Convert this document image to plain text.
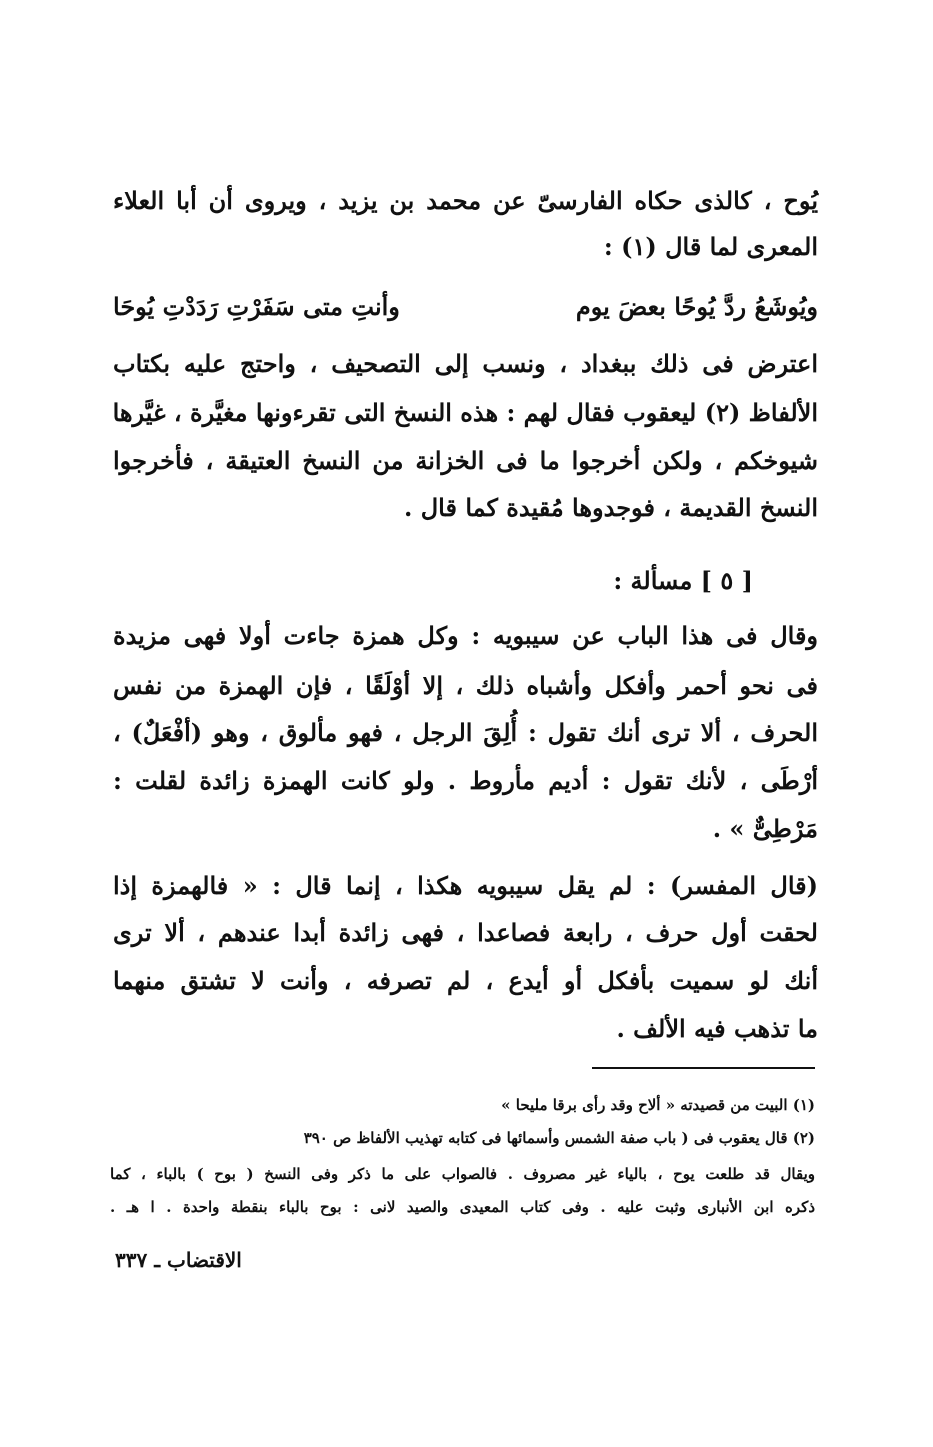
يُوح ، كالذى حكاه الفارسىّ عن محمد بن يزيد ، ويروى أن أبا العلاء
المعرى لما قال (١) :
ويُوشَعُ ردَّ يُوحًا بعضَ يوم
وأنتِ متى سَفَرْتِ رَدَدْتِ يُوحَا
اعترض فى ذلك ببغداد ، ونسب إلى التصحيف ، واحتج عليه بكتاب
الألفاظ (٢) ليعقوب فقال لهم : هذه النسخ التى تقرءونها مغيَّرة ، غيَّرها
شيوخكم ، ولكن أخرجوا ما فى الخزانة من النسخ العتيقة ، فأخرجوا
النسخ القديمة ، فوجدوها مُقيدة كما قال .
[ ٥ ] مسألة :
وقال فى هذا الباب عن سيبويه : وكل همزة جاءت أولا فهى مزيدة
فى نحو أحمر وأفكل وأشباه ذلك ، إلا أوْلَقًا ، فإن الهمزة من نفس
الحرف ، ألا ترى أنك تقول : أُلِقَ الرجل ، فهو مألوق ، وهو (أفْعَلٌ) ،
أرْطَى ، لأنك تقول : أديم مأروط . ولو كانت الهمزة زائدة لقلت :
مَرْطِىٌّ » .
(قال المفسر) : لم يقل سيبويه هكذا ، إنما قال : « فالهمزة إذا
لحقت أول حرف ، رابعة فصاعدا ، فهى زائدة أبدا عندهم ، ألا ترى
أنك لو سميت بأفكل أو أيدع ، لم تصرفه ، وأنت لا تشتق منهما
ما تذهب فيه الألف .
(١) البيت من قصيدته « ألاح وقد رأى برقا مليحا »
(٢) قال يعقوب فى ( باب صفة الشمس وأسمائها فى كتابه تهذيب الألفاظ ص ٣٩٠
ويقال قد طلعت يوح ، بالياء غير مصروف . فالصواب على ما ذكر وفى النسخ ( بوح ) بالباء ، كما
ذكره ابن الأنبارى وثبت عليه . وفى كتاب المعيدى والصيد لانى : بوح بالباء بنقطة واحدة . ا هـ .
الاقتضاب ـ ٣٣٧
